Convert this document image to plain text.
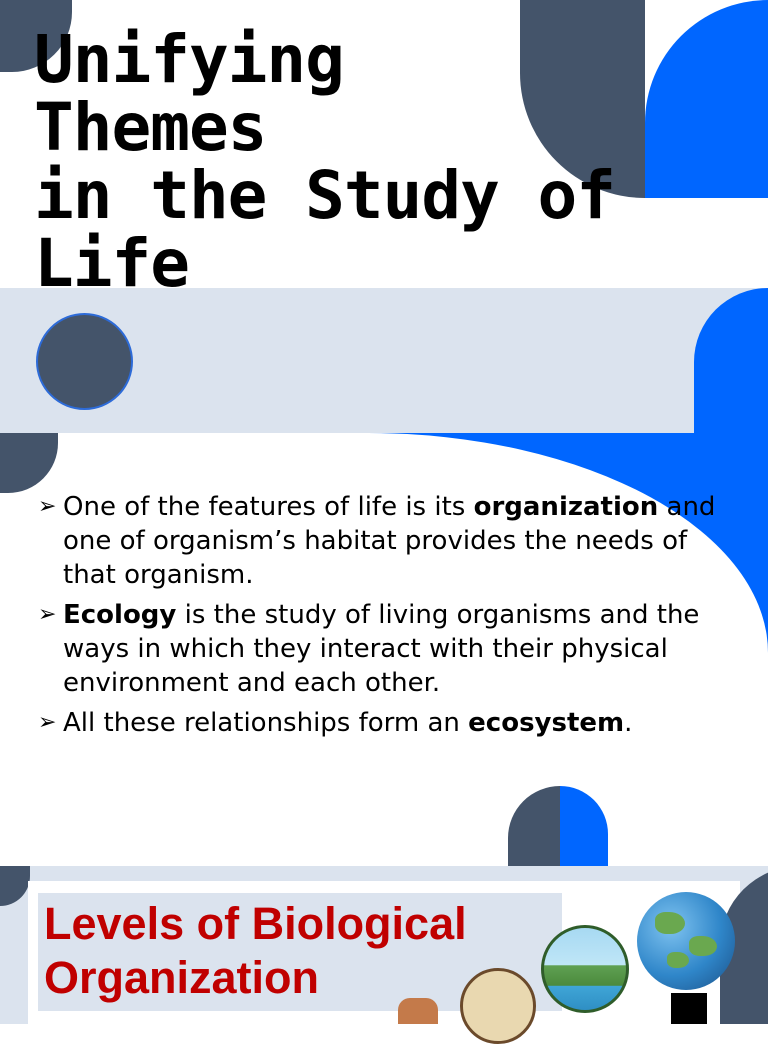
Unifying
Themes
in the Study of
Life
➢ One of the features of life is its organization and one of organism’s habitat provides the needs of that organism.
➢ Ecology is the study of living organisms and the ways in which they interact with their physical environment and each other.
➢ All these relationships form an ecosystem.
Levels of Biological
Organization
